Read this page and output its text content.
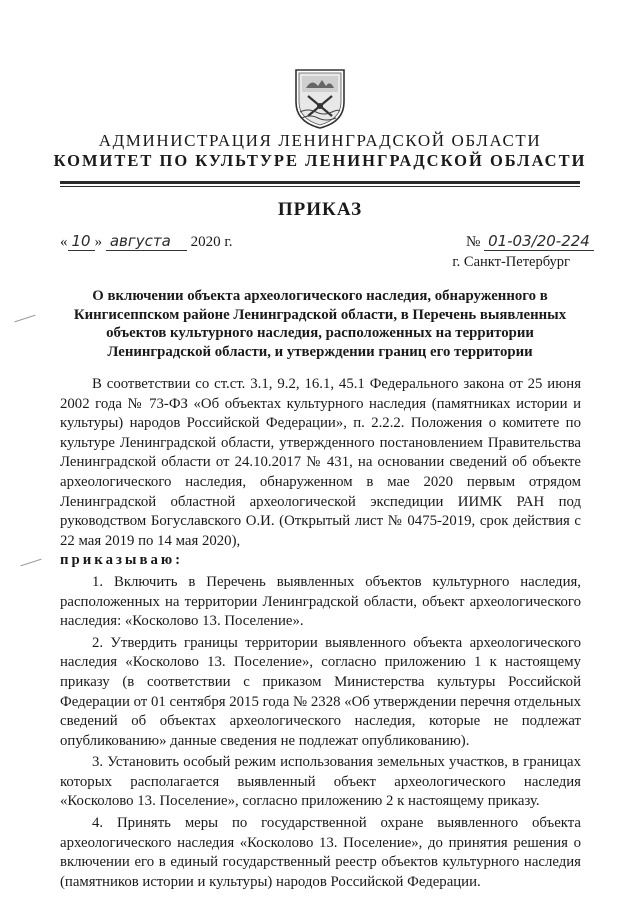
АДМИНИСТРАЦИЯ ЛЕНИНГРАДСКОЙ ОБЛАСТИ
КОМИТЕТ ПО КУЛЬТУРЕ ЛЕНИНГРАДСКОЙ ОБЛАСТИ
ПРИКАЗ
« 10 » августа 2020 г.	№ 01-03/20-224
г. Санкт-Петербург
О включении объекта археологического наследия, обнаруженного в Кингисеппском районе Ленинградской области, в Перечень выявленных объектов культурного наследия, расположенных на территории Ленинградской области, и утверждении границ его территории

В соответствии со ст.ст. 3.1, 9.2, 16.1, 45.1 Федерального закона от 25 июня 2002 года № 73-ФЗ «Об объектах культурного наследия (памятниках истории и культуры) народов Российской Федерации», п. 2.2.2. Положения о комитете по культуре Ленинградской области, утвержденного постановлением Правительства Ленинградской области от 24.10.2017 № 431, на основании сведений об объекте археологического наследия, обнаруженном в мае 2020 первым отрядом Ленинградской областной археологической экспедиции ИИМК РАН под руководством Богуславского О.И. (Открытый лист № 0475-2019, срок действия с 22 мая 2019 по 14 мая 2020),

приказываю:

1. Включить в Перечень выявленных объектов культурного наследия, расположенных на территории Ленинградской области, объект археологического наследия: «Косколово 13. Поселение».

2. Утвердить границы территории выявленного объекта археологического наследия «Косколово 13. Поселение», согласно приложению 1 к настоящему приказу (в соответствии с приказом Министерства культуры Российской Федерации от 01 сентября 2015 года № 2328 «Об утверждении перечня отдельных сведений об объектах археологического наследия, которые не подлежат опубликованию» данные сведения не подлежат опубликованию).

3. Установить особый режим использования земельных участков, в границах которых располагается выявленный объект археологического наследия «Косколово 13. Поселение», согласно приложению 2 к настоящему приказу.

4. Принять меры по государственной охране выявленного объекта археологического наследия «Косколово 13. Поселение», до принятия решения о включении его в единый государственный реестр объектов культурного наследия (памятников истории и культуры) народов Российской Федерации.
